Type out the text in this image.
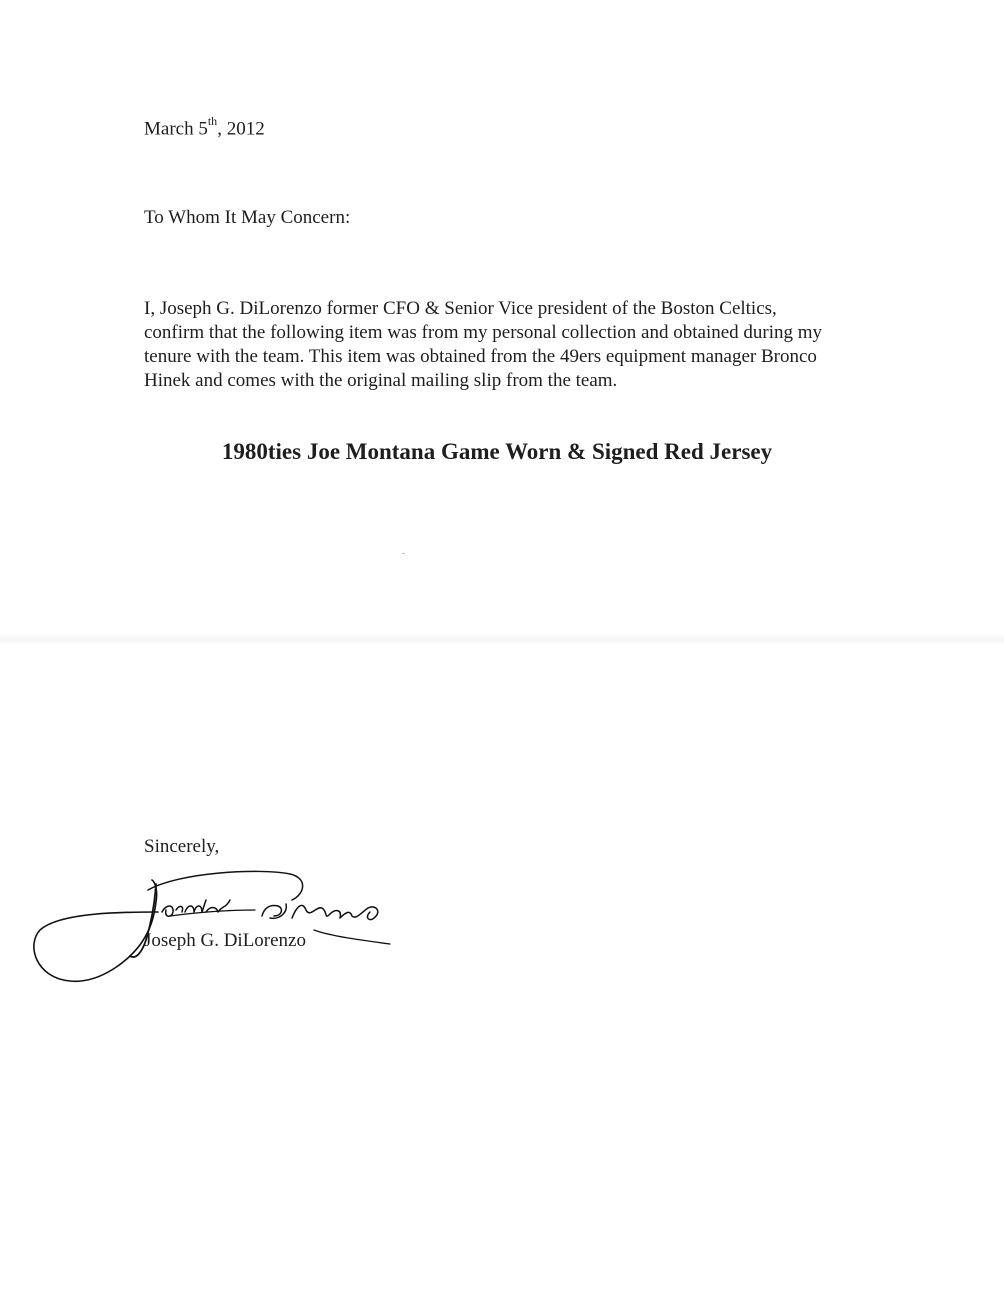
March 5th, 2012
To Whom It May Concern:
I, Joseph G. DiLorenzo former CFO & Senior Vice president of the Boston Celtics,
confirm that the following item was from my personal collection and obtained during my
tenure with the team. This item was obtained from the 49ers equipment manager Bronco
Hinek and comes with the original mailing slip from the team.
1980ties Joe Montana Game Worn & Signed Red Jersey
Sincerely,
Joseph G. DiLorenzo
